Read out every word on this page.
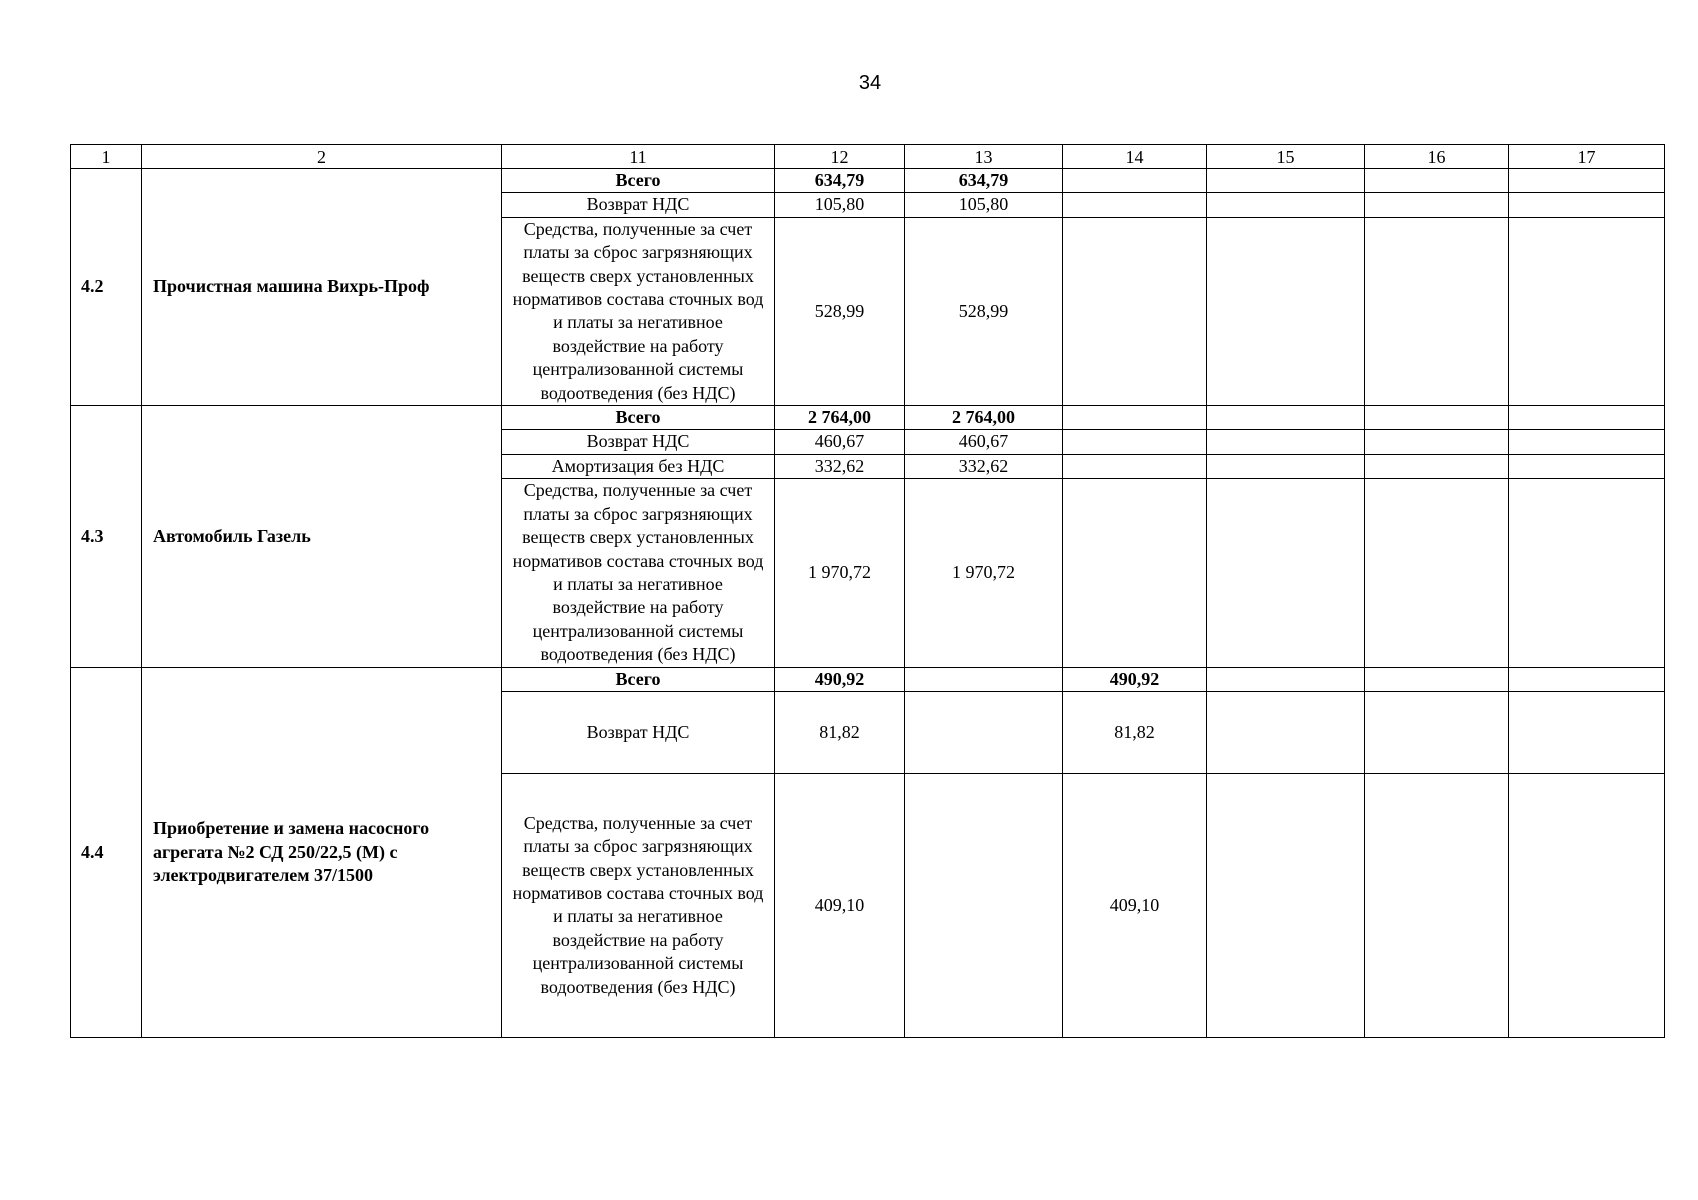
34
1	2	11	12	13	14	15	16	17
4.2	Прочистная машина Вихрь-Проф	Всего	634,79	634,79				
		Возврат НДС	105,80	105,80				
		Средства, полученные за счет платы за сброс загрязняющих веществ сверх установленных нормативов состава сточных вод и платы за негативное воздействие на работу централизованной системы водоотведения (без НДС)	528,99	528,99				
4.3	Автомобиль Газель	Всего	2 764,00	2 764,00				
		Возврат НДС	460,67	460,67				
		Амортизация без НДС	332,62	332,62				
		Средства, полученные за счет платы за сброс загрязняющих веществ сверх установленных нормативов состава сточных вод и платы за негативное воздействие на работу централизованной системы водоотведения (без НДС)	1 970,72	1 970,72				
4.4	Приобретение и замена насосного агрегата №2 СД 250/22,5 (М) с электродвигателем 37/1500	Всего	490,92		490,92			
		Возврат НДС	81,82		81,82			
		Средства, полученные за счет платы за сброс загрязняющих веществ сверх установленных нормативов состава сточных вод и платы за негативное воздействие на работу централизованной системы водоотведения (без НДС)	409,10		409,10			
